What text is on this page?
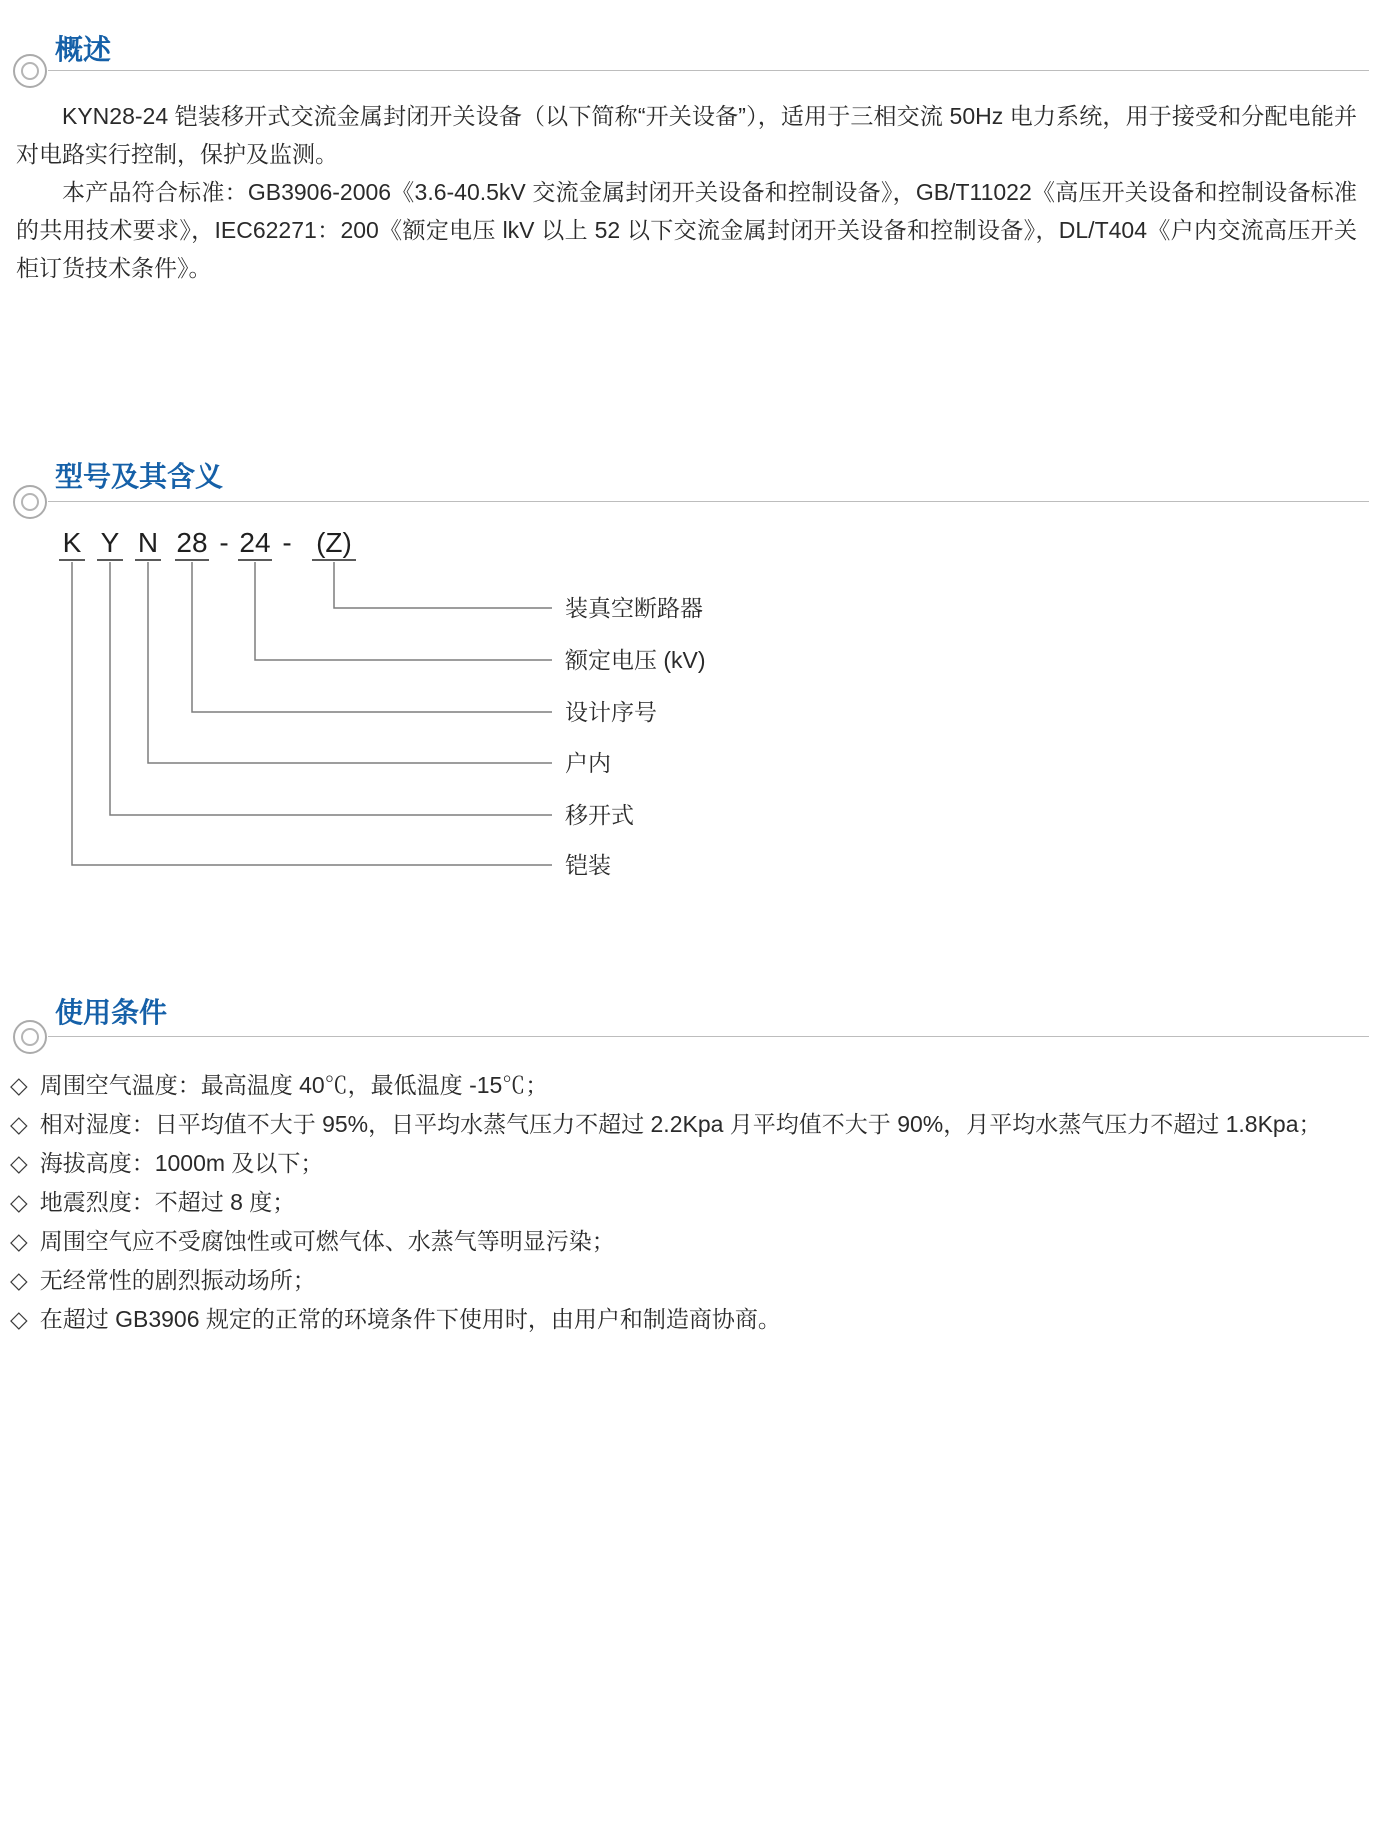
概述

KYN28-24 铠装移开式交流金属封闭开关设备（以下简称“开关设备”），适用于三相交流 50Hz 电力系统，用于接受和分配电能并对电路实行控制，保护及监测。

本产品符合标准：GB3906-2006《3.6-40.5kV 交流金属封闭开关设备和控制设备》，GB/T11022《高压开关设备和控制设备标准的共用技术要求》，IEC62271：200《额定电压 lkV 以上 52 以下交流金属封闭开关设备和控制设备》，DL/T404《户内交流高压开关柜订货技术条件》。

型号及其含义
K Y N 28 - 24 - (Z)
装真空断路器
额定电压 (kV)
设计序号
户内
移开式
铠装
使用条件
◇ 周围空气温度：最高温度 40℃，最低温度 -15℃；
◇ 相对湿度：日平均值不大于 95%，日平均水蒸气压力不超过 2.2Kpa 月平均值不大于 90%，月平均水蒸气压力不超过 1.8Kpa；
◇ 海拔高度：1000m 及以下；
◇ 地震烈度：不超过 8 度；
◇ 周围空气应不受腐蚀性或可燃气体、水蒸气等明显污染；
◇ 无经常性的剧烈振动场所；
◇ 在超过 GB3906 规定的正常的环境条件下使用时，由用户和制造商协商。
